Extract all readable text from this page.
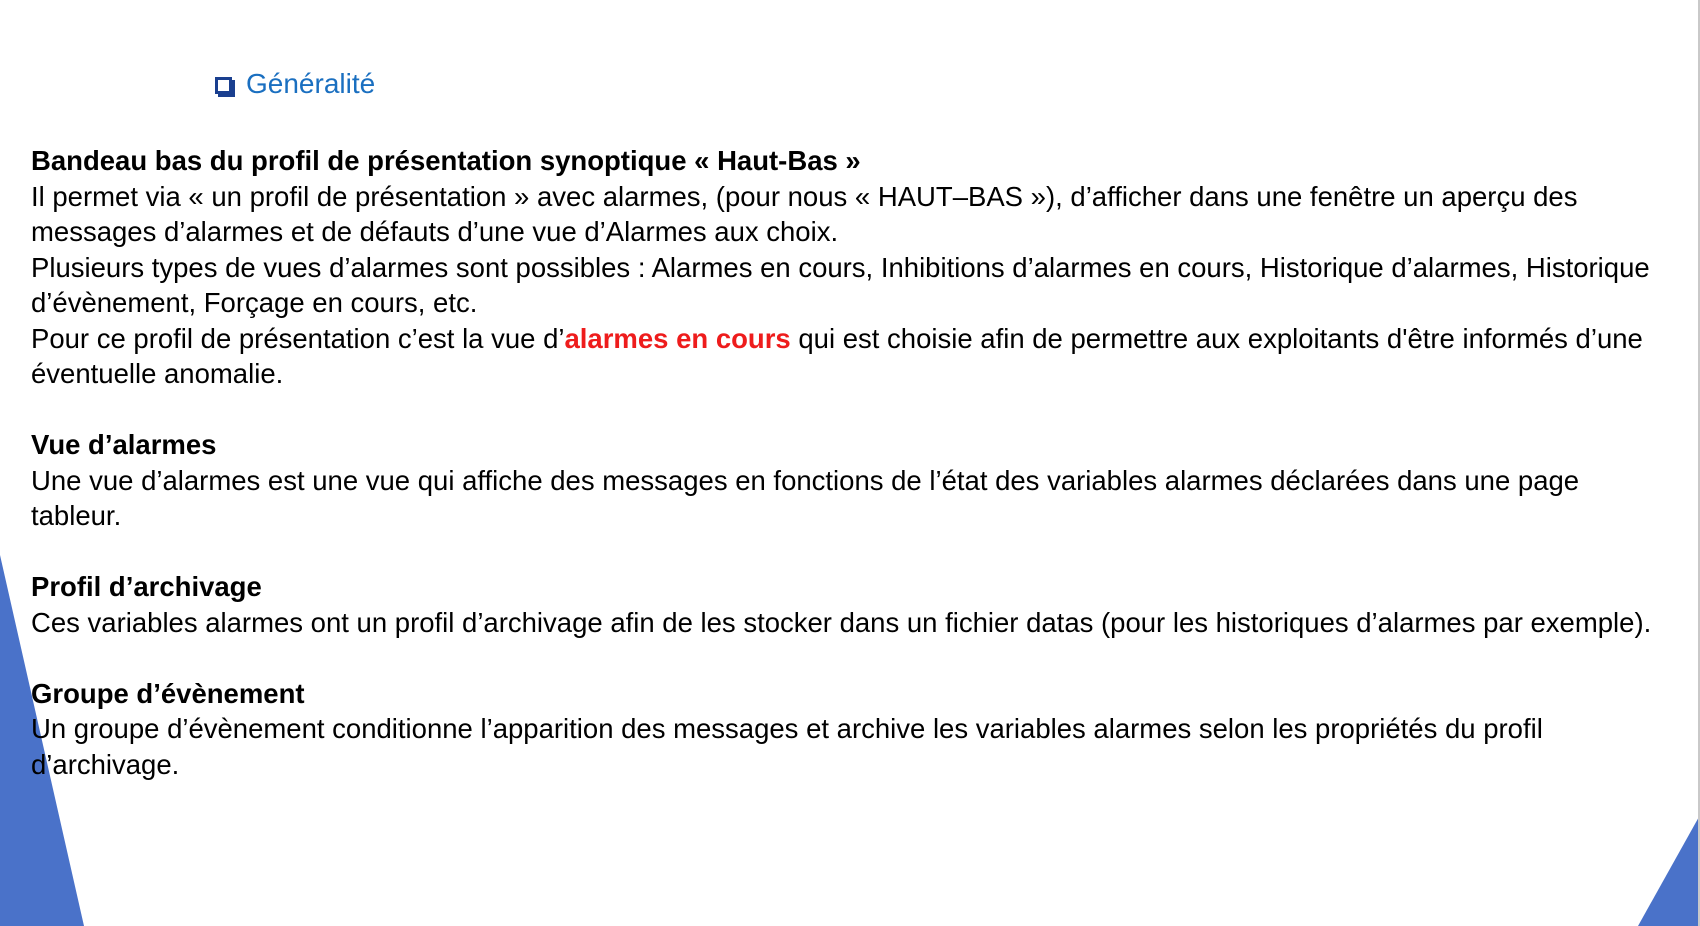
Généralité
Bandeau bas du profil de présentation synoptique « Haut-Bas »
Il permet via « un profil de présentation » avec alarmes, (pour nous « HAUT–BAS »), d’afficher dans une fenêtre un aperçu des messages d’alarmes et de défauts d’une vue d’Alarmes aux choix.
Plusieurs types de vues d’alarmes sont possibles : Alarmes en cours, Inhibitions d’alarmes en cours, Historique d’alarmes, Historique d’évènement, Forçage en cours, etc.
Pour ce profil de présentation c’est la vue d’alarmes en cours qui est choisie afin de permettre aux exploitants d'être informés d’une éventuelle anomalie.
Vue d’alarmes
Une vue d’alarmes est une vue qui affiche des messages en fonctions de l’état des variables alarmes déclarées dans une page tableur.
Profil d’archivage
Ces variables alarmes ont un profil d’archivage afin de les stocker dans un fichier datas (pour les historiques d’alarmes par exemple).
Groupe d’évènement
Un groupe d’évènement conditionne l’apparition des messages et archive les variables alarmes selon les propriétés du profil d’archivage.
